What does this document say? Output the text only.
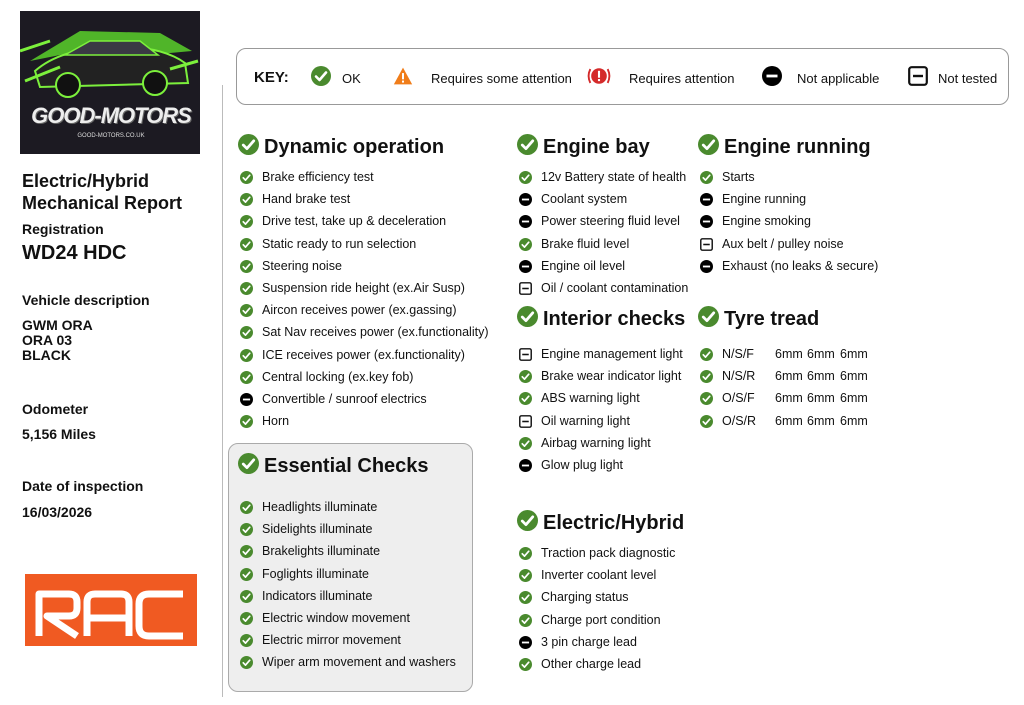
GOOD-MOTORS
GOOD-MOTORS.CO.UK
Electric/Hybrid Mechanical Report
Registration
WD24 HDC
Vehicle description
GWM ORA
ORA 03
BLACK
Odometer
5,156 Miles
Date of inspection
16/03/2026
KEY:	OK	Requires some attention	Requires attention	Not applicable	Not tested
Dynamic operation
Brake efficiency test
Hand brake test
Drive test, take up & deceleration
Static ready to run selection
Steering noise
Suspension ride height (ex.Air Susp)
Aircon receives power (ex.gassing)
Sat Nav receives power (ex.functionality)
ICE receives power (ex.functionality)
Central locking (ex.key fob)
Convertible / sunroof electrics
Horn
Essential Checks
Headlights illuminate
Sidelights illuminate
Brakelights illuminate
Foglights illuminate
Indicators illuminate
Electric window movement
Electric mirror movement
Wiper arm movement and washers
Engine bay
12v Battery state of health
Coolant system
Power steering fluid level
Brake fluid level
Engine oil level
Oil / coolant contamination
Interior checks
Engine management light
Brake wear indicator light
ABS warning light
Oil warning light
Airbag warning light
Glow plug light
Electric/Hybrid
Traction pack diagnostic
Inverter coolant level
Charging status
Charge port condition
3 pin charge lead
Other charge lead
Engine running
Starts
Engine running
Engine smoking
Aux belt / pulley noise
Exhaust (no leaks & secure)
Tyre tread
N/S/F 6mm 6mm 6mm
N/S/R 6mm 6mm 6mm
O/S/F 6mm 6mm 6mm
O/S/R 6mm 6mm 6mm
